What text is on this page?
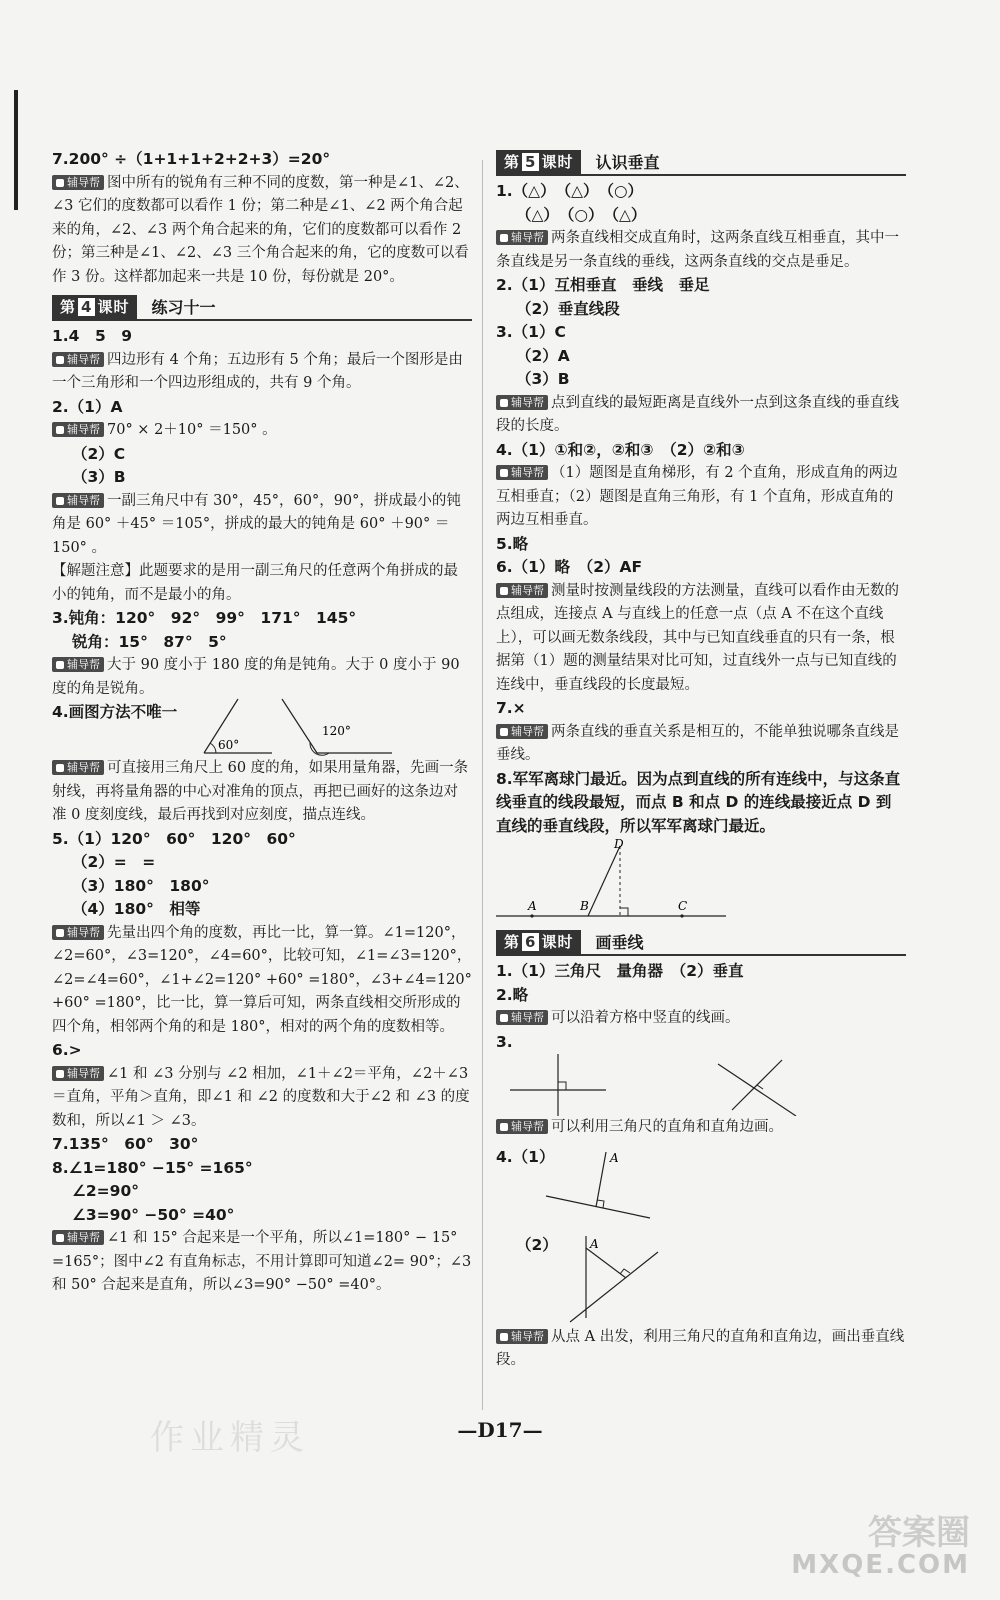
7.200° ÷（1+1+1+2+2+3）=20°
辅导帮 图中所有的锐角有三种不同的度数，第一种是∠1、∠2、∠3 它们的度数都可以看作 1 份；第二种是∠1、∠2 两个角合起来的角，∠2、∠3 两个角合起来的角，它们的度数都可以看作 2 份；第三种是∠1、∠2、∠3 三个角合起来的角，它的度数可以看作 3 份。这样都加起来一共是 10 份，每份就是 20°。
第 4 课时	练习十一
1.4　5　9
辅导帮 四边形有 4 个角；五边形有 5 个角；最后一个图形是由一个三角形和一个四边形组成的，共有 9 个角。
2.（1）A
辅导帮 70° × 2＋10° ＝150° 。
（2）C
（3）B
辅导帮 一副三角尺中有 30°，45°，60°，90°，拼成最小的钝角是 60° ＋45° ＝105°，拼成的最大的钝角是 60° ＋90° ＝150° 。
【解题注意】此题要求的是用一副三角尺的任意两个角拼成的最小的钝角，而不是最小的角。
3.钝角：120°　92°　99°　171°　145°
锐角：15°　87°　5°
辅导帮 大于 90 度小于 180 度的角是钝角。大于 0 度小于 90 度的角是锐角。
4.画图方法不唯一
60°
120°
辅导帮 可直接用三角尺上 60 度的角，如果用量角器，先画一条射线，再将量角器的中心对准角的顶点，再把已画好的这条边对准 0 度刻度线，最后再找到对应刻度，描点连线。
5.（1）120°　60°　120°　60°
（2）=　=
（3）180°　180°
（4）180°　相等
辅导帮 先量出四个角的度数，再比一比，算一算。∠1=120°，∠2=60°，∠3=120°，∠4=60°，比较可知，∠1=∠3=120°，∠2=∠4=60°，∠1+∠2=120° +60° =180°，∠3+∠4=120° +60° =180°，比一比，算一算后可知，两条直线相交所形成的四个角，相邻两个角的和是 180°，相对的两个角的度数相等。
6.>
辅导帮 ∠1 和 ∠3 分别与 ∠2 相加，∠1＋∠2＝平角，∠2＋∠3＝直角，平角＞直角，即∠1 和 ∠2 的度数和大于∠2 和 ∠3 的度数和，所以∠1 ＞ ∠3。
7.135°　60°　30°
8.∠1=180° −15° =165°
∠2=90°
∠3=90° −50° =40°
辅导帮 ∠1 和 15° 合起来是一个平角，所以∠1=180° − 15° =165°；图中∠2 有直角标志，不用计算即可知道∠2= 90°；∠3 和 50° 合起来是直角，所以∠3=90° −50° =40°。
第 5 课时	认识垂直
1.（△）　（△）　（○）
（△）　（○）　（△）
辅导帮 两条直线相交成直角时，这两条直线互相垂直，其中一条直线是另一条直线的垂线，这两条直线的交点是垂足。
2.（1）互相垂直　垂线　垂足
（2）垂直线段
3.（1）C
（2）A
（3）B
辅导帮 点到直线的最短距离是直线外一点到这条直线的垂直线段的长度。
4.（1）①和②，②和③　（2）②和③
辅导帮 （1）题图是直角梯形，有 2 个直角，形成直角的两边互相垂直；（2）题图是直角三角形，有 1 个直角，形成直角的两边互相垂直。
5.略
6.（1）略　（2）AF
辅导帮 测量时按测量线段的方法测量，直线可以看作由无数的点组成，连接点 A 与直线上的任意一点（点 A 不在这个直线上），可以画无数条线段，其中与已知直线垂直的只有一条，根据第（1）题的测量结果对比可知，过直线外一点与已知直线的连线中，垂直线段的长度最短。
7.×
辅导帮 两条直线的垂直关系是相互的，不能单独说哪条直线是垂线。
8.军军离球门最近。因为点到直线的所有连线中，与这条直线垂直的线段最短，而点 B 和点 D 的连线最接近点 D 到直线的垂直线段，所以军军离球门最近。
D
A	B	C
第 6 课时	画垂线
1.（1）三角尺　量角器　（2）垂直
2.略
辅导帮 可以沿着方格中竖直的线画。
3.
辅导帮 可以利用三角尺的直角和直角边画。
4.（1）	A
（2）	A
辅导帮 从点 A 出发，利用三角尺的直角和直角边，画出垂直线段。
作业精灵	—D17—
答案圈
MXQE.COM
